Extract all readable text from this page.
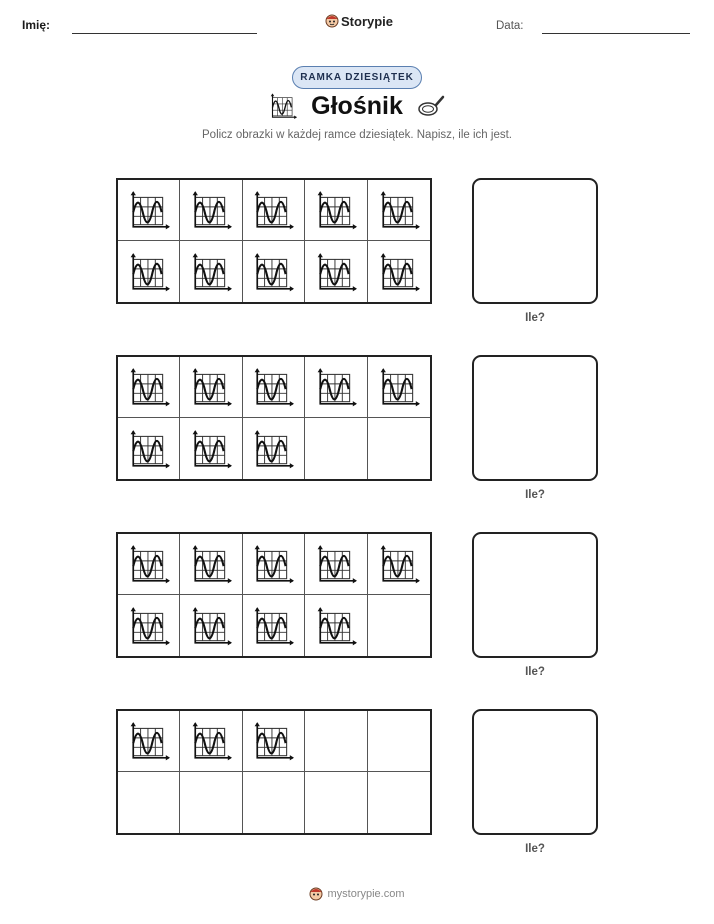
Imię:	Storypie	Data:
RAMKA DZIESIĄTEK
Głośnik
Policz obrazki w każdej ramce dziesiątek. Napisz, ile ich jest.
Ile?
Ile?
Ile?
Ile?
mystorypie.com
